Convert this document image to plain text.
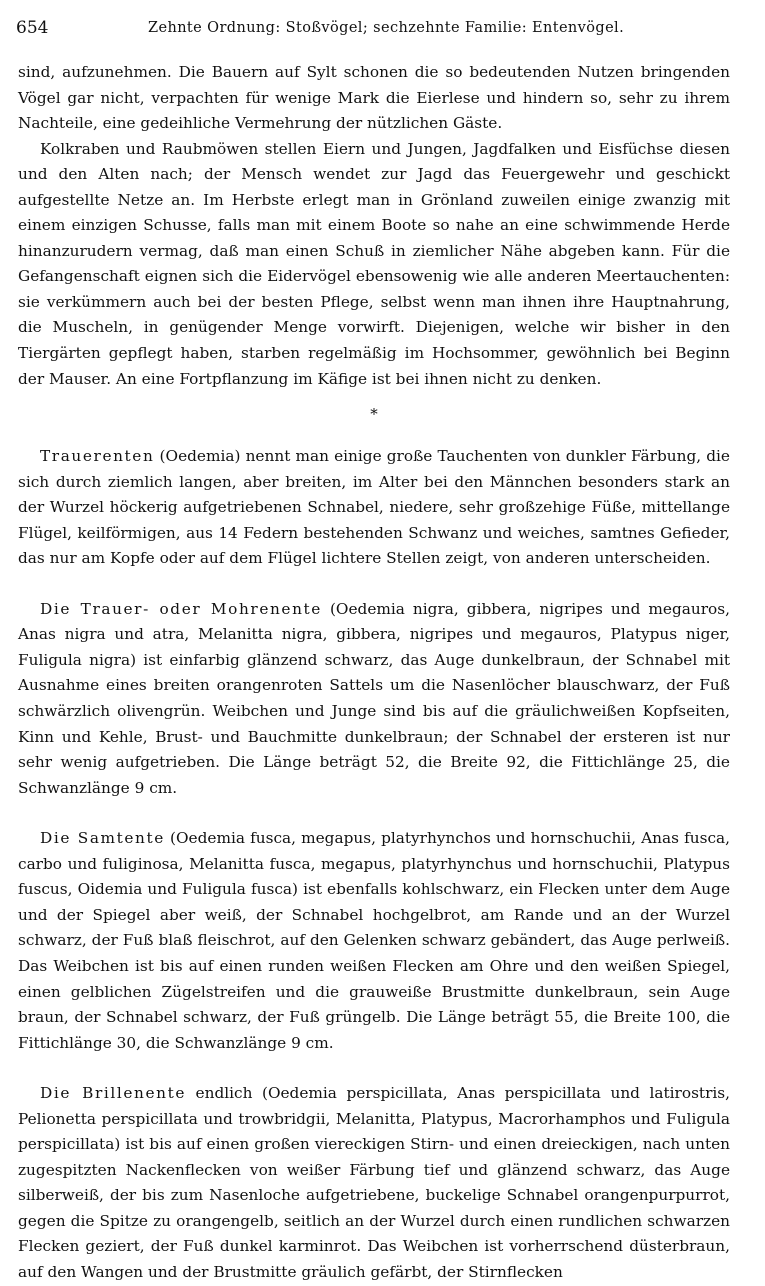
654	Zehnte Ordnung: Stoßvögel; sechzehnte Familie: Entenvögel.

sind, aufzunehmen. Die Bauern auf Sylt schonen die so bedeutenden Nutzen bringenden Vögel gar nicht, verpachten für wenige Mark die Eierlese und hindern so, sehr zu ihrem Nachteile, eine gedeihliche Vermehrung der nützlichen Gäste.

Kolkraben und Raubmöwen stellen Eiern und Jungen, Jagdfalken und Eisfüchse diesen und den Alten nach; der Mensch wendet zur Jagd das Feuergewehr und geschickt aufgestellte Netze an. Im Herbste erlegt man in Grönland zuweilen einige zwanzig mit einem einzigen Schusse, falls man mit einem Boote so nahe an eine schwimmende Herde hinanzurudern vermag, daß man einen Schuß in ziemlicher Nähe abgeben kann. Für die Gefangenschaft eignen sich die Eidervögel ebensowenig wie alle anderen Meertauchenten: sie verkümmern auch bei der besten Pflege, selbst wenn man ihnen ihre Hauptnahrung, die Muscheln, in genügender Menge vorwirft. Diejenigen, welche wir bisher in den Tiergärten gepflegt haben, starben regelmäßig im Hochsommer, gewöhnlich bei Beginn der Mauser. An eine Fortpflanzung im Käfige ist bei ihnen nicht zu denken.

*

Trauerenten (Oedemia) nennt man einige große Tauchenten von dunkler Färbung, die sich durch ziemlich langen, aber breiten, im Alter bei den Männchen besonders stark an der Wurzel höckerig aufgetriebenen Schnabel, niedere, sehr großzehige Füße, mittellange Flügel, keilförmigen, aus 14 Federn bestehenden Schwanz und weiches, samtnes Gefieder, das nur am Kopfe oder auf dem Flügel lichtere Stellen zeigt, von anderen unterscheiden.

Die Trauer- oder Mohrenente (Oedemia nigra, gibbera, nigripes und megauros, Anas nigra und atra, Melanitta nigra, gibbera, nigripes und megauros, Platypus niger, Fuligula nigra) ist einfarbig glänzend schwarz, das Auge dunkelbraun, der Schnabel mit Ausnahme eines breiten orangenroten Sattels um die Nasenlöcher blauschwarz, der Fuß schwärzlich olivengrün. Weibchen und Junge sind bis auf die gräulichweißen Kopfseiten, Kinn und Kehle, Brust- und Bauchmitte dunkelbraun; der Schnabel der ersteren ist nur sehr wenig aufgetrieben. Die Länge beträgt 52, die Breite 92, die Fittichlänge 25, die Schwanzlänge 9 cm.

Die Samtente (Oedemia fusca, megapus, platyrhynchos und hornschuchii, Anas fusca, carbo und fuliginosa, Melanitta fusca, megapus, platyrhynchus und hornschuchii, Platypus fuscus, Oidemia und Fuligula fusca) ist ebenfalls kohlschwarz, ein Flecken unter dem Auge und der Spiegel aber weiß, der Schnabel hochgelbrot, am Rande und an der Wurzel schwarz, der Fuß blaß fleischrot, auf den Gelenken schwarz gebändert, das Auge perlweiß. Das Weibchen ist bis auf einen runden weißen Flecken am Ohre und den weißen Spiegel, einen gelblichen Zügelstreifen und die grauweiße Brustmitte dunkelbraun, sein Auge braun, der Schnabel schwarz, der Fuß grüngelb. Die Länge beträgt 55, die Breite 100, die Fittichlänge 30, die Schwanzlänge 9 cm.

Die Brillenente endlich (Oedemia perspicillata, Anas perspicillata und latirostris, Pelionetta perspicillata und trowbridgii, Melanitta, Platypus, Macrorhamphos und Fuligula perspicillata) ist bis auf einen großen viereckigen Stirn- und einen dreieckigen, nach unten zugespitzten Nackenflecken von weißer Färbung tief und glänzend schwarz, das Auge silberweiß, der bis zum Nasenloche aufgetriebene, buckelige Schnabel orangenpurpurrot, gegen die Spitze zu orangengelb, seitlich an der Wurzel durch einen rundlichen schwarzen Flecken geziert, der Fuß dunkel karminrot. Das Weibchen ist vorherrschend düsterbraun, auf den Wangen und der Brustmitte gräulich gefärbt, der Stirnflecken
